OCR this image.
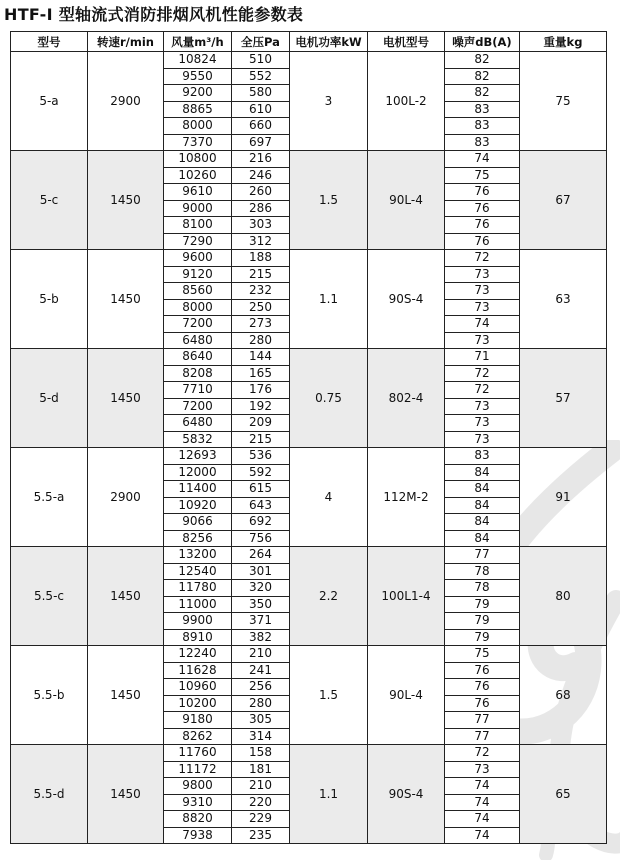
HTF-I 型轴流式消防排烟风机性能参数表
型号	转速r/min	风量m³/h	全压Pa	电机功率kW	电机型号	噪声dB(A)	重量kg
5-a	2900	10824	510	3	100L-2	82	75
		9550	552			82	
		9200	580			82	
		8865	610			83	
		8000	660			83	
		7370	697			83	
5-c	1450	10800	216	1.5	90L-4	74	67
		10260	246			75	
		9610	260			76	
		9000	286			76	
		8100	303			76	
		7290	312			76	
5-b	1450	9600	188	1.1	90S-4	72	63
		9120	215			73	
		8560	232			73	
		8000	250			73	
		7200	273			74	
		6480	280			73	
5-d	1450	8640	144	0.75	802-4	71	57
		8208	165			72	
		7710	176			72	
		7200	192			73	
		6480	209			73	
		5832	215			73	
5.5-a	2900	12693	536	4	112M-2	83	91
		12000	592			84	
		11400	615			84	
		10920	643			84	
		9066	692			84	
		8256	756			84	
5.5-c	1450	13200	264	2.2	100L1-4	77	80
		12540	301			78	
		11780	320			78	
		11000	350			79	
		9900	371			79	
		8910	382			79	
5.5-b	1450	12240	210	1.5	90L-4	75	68
		11628	241			76	
		10960	256			76	
		10200	280			76	
		9180	305			77	
		8262	314			77	
5.5-d	1450	11760	158	1.1	90S-4	72	65
		11172	181			73	
		9800	210			74	
		9310	220			74	
		8820	229			74	
		7938	235			74	
